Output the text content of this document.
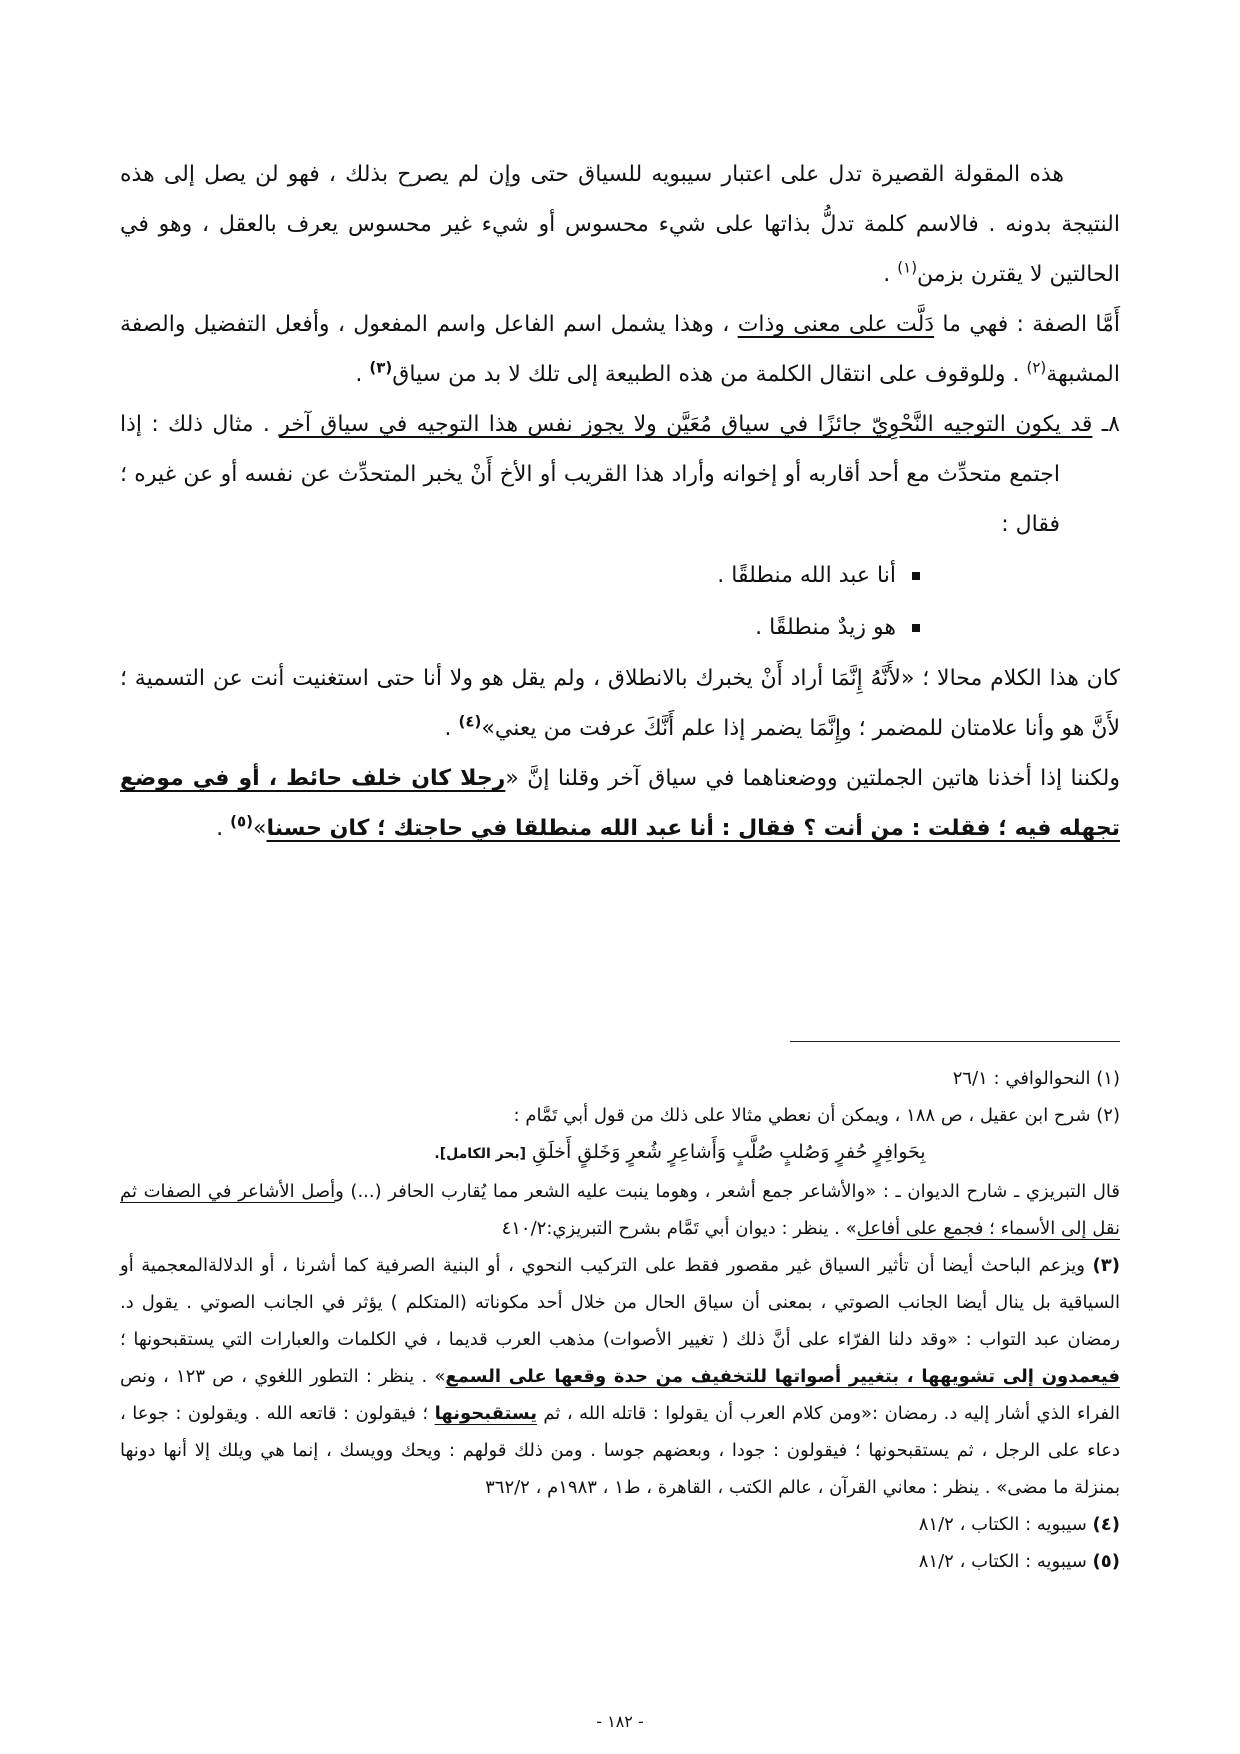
هذه المقولة القصيرة تدل على اعتبار سيبويه للسياق حتى وإن لم يصرح بذلك ، فهو لن يصل إلى هذه النتيجة بدونه . فالاسم كلمة تدلُّ بذاتها على شيء محسوس أو شيء غير محسوس يعرف بالعقل ، وهو في الحالتين لا يقترن بزمن$^{(١)}$ .

أَمَّا الصفة : فهي ما دَلَّت على معنى وذات ، وهذا يشمل اسم الفاعل واسم المفعول ، وأفعل التفضيل والصفة المشبهة$^{(٢)}$ . وللوقوف على انتقال الكلمة من هذه الطبيعة إلى تلك لا بد من سياق$^{(٣)}$ .

٨ـ قد يكون التوجيه النَّحْوِيّ جائزًا في سياق مُعَيَّن ولا يجوز نفس هذا التوجيه في سياق آخر . مثال ذلك : إذا اجتمع متحدِّث مع أحد أقاربه أو إخوانه وأراد هذا القريب أو الأخ أَنْ يخبر المتحدِّث عن نفسه أو عن غيره ؛ فقال :

أنا عبد الله منطلقًا .
هو زيدٌ منطلقًا .

كان هذا الكلام محالا ؛ «لأَنَّهُ إِنَّمَا أراد أَنْ يخبرك بالانطلاق ، ولم يقل هو ولا أنا حتى استغنيت أنت عن التسمية ؛ لأَنَّ هو وأنا علامتان للمضمر ؛ وإِنَّمَا يضمر إذا علم أَنَّكَ عرفت من يعني»$^{(٤)}$ .

ولكننا إذا أخذنا هاتين الجملتين ووضعناهما في سياق آخر وقلنا إنَّ «رجلا كان خلف حائط ، أو في موضع تجهله فيه ؛ فقلت : من أنت ؟ فقال : أنا عبد الله منطلقا في حاجتك ؛ كان حسنا»$^{(٥)}$ .

(١) النحوالوافي : ٢٦/١

(٢) شرح ابن عقيل ، ص ١٨٨ ، ويمكن أن نعطي مثالا على ذلك من قول أبي تَمَّام :

بِحَوافِرٍ حُفرٍ وَصُلبٍ صُلَّبٍ وَأَشاعِرٍ شُعرٍ وَخَلقٍ أَخلَقِ [بحر الكامل].

قال التبريزي ـ شارح الديوان ـ : «والأشاعر جمع أشعر ، وهوما ينبت عليه الشعر مما يُقارب الحافر (...) وأصل الأشاعر في الصفات ثم نقل إلى الأسماء ؛ فجمع على أفاعل» . ينظر : ديوان أبي تَمَّام بشرح التبريزي:٤١٠/٢

(٣) ويزعم الباحث أيضا أن تأثير السياق غير مقصور فقط على التركيب النحوي ، أو البنية الصرفية كما أشرنا ، أو الدلالةالمعجمية أو السياقية بل ينال أيضا الجانب الصوتي ، بمعنى أن سياق الحال من خلال أحد مكوناته (المتكلم ) يؤثر في الجانب الصوتي . يقول د. رمضان عبد التواب : «وقد دلنا الفرّاء على أنَّ ذلك ( تغيير الأصوات) مذهب العرب قديما ، في الكلمات والعبارات التي يستقبحونها ؛ فيعمدون إلى تشويهها ، بتغيير أصواتها للتخفيف من حدة وقعها على السمع» . ينظر : التطور اللغوي ، ص ١٢٣ ، ونص الفراء الذي أشار إليه د. رمضان :«ومن كلام العرب أن يقولوا : قاتله الله ، ثم يستقبحونها ؛ فيقولون : قاتعه الله . ويقولون : جوعا ، دعاء على الرجل ، ثم يستقبحونها ؛ فيقولون : جودا ، وبعضهم جوسا . ومن ذلك قولهم : ويحك وويسك ، إنما هي ويلك إلا أنها دونها بمنزلة ما مضى» . ينظر : معاني القرآن ، عالم الكتب ، القاهرة ، ط١ ، ١٩٨٣م ، ٣٦٢/٢

(٤) سيبويه : الكتاب ، ٨١/٢

(٥) سيبويه : الكتاب ، ٨١/٢

- ١٨٢ -
